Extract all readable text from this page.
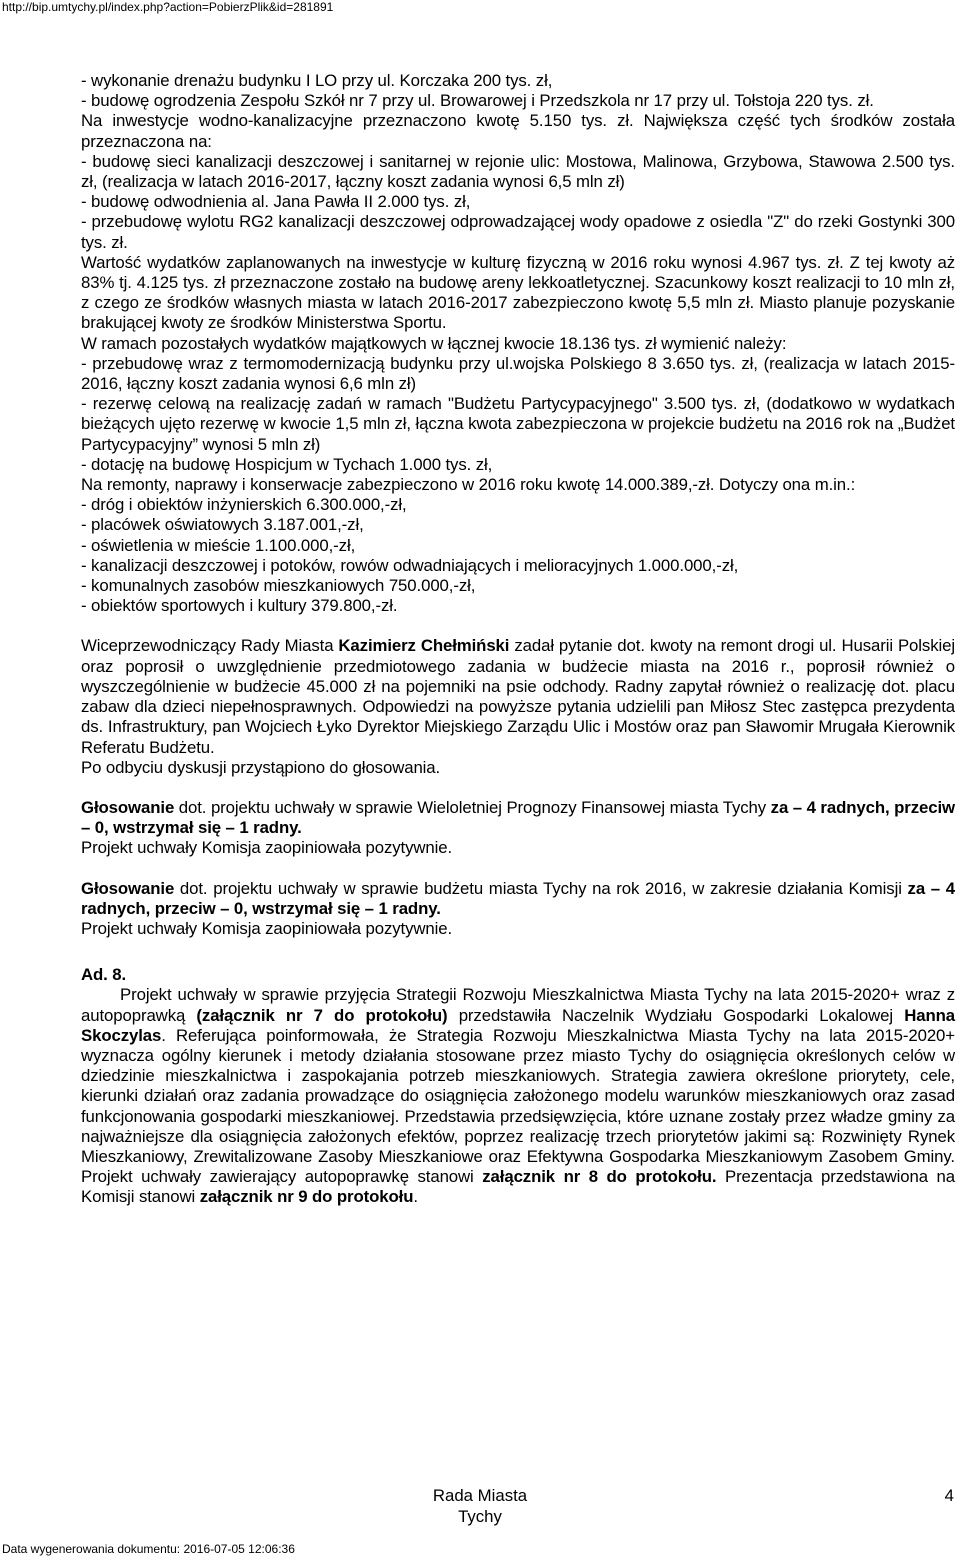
http://bip.umtychy.pl/index.php?action=PobierzPlik&id=281891

- wykonanie drenażu budynku I LO przy ul. Korczaka 200 tys. zł,

- budowę ogrodzenia Zespołu Szkół nr 7 przy ul. Browarowej i Przedszkola nr 17 przy ul. Tołstoja 220 tys. zł.

Na inwestycje wodno-kanalizacyjne przeznaczono kwotę 5.150 tys. zł. Największa część tych środków została przeznaczona na:

- budowę sieci kanalizacji deszczowej i sanitarnej w rejonie ulic: Mostowa, Malinowa, Grzybowa, Stawowa 2.500 tys. zł, (realizacja w latach 2016-2017, łączny koszt zadania wynosi 6,5 mln zł)

- budowę odwodnienia al. Jana Pawła II 2.000 tys. zł,

- przebudowę wylotu RG2 kanalizacji deszczowej odprowadzającej wody opadowe z osiedla "Z" do rzeki Gostynki 300 tys. zł.

Wartość wydatków zaplanowanych na inwestycje w kulturę fizyczną w 2016 roku wynosi 4.967 tys. zł. Z tej kwoty aż 83% tj. 4.125 tys. zł przeznaczone zostało na budowę areny lekkoatletycznej. Szacunkowy koszt realizacji to 10 mln zł, z czego ze środków własnych miasta w latach 2016-2017 zabezpieczono kwotę 5,5 mln zł. Miasto planuje pozyskanie brakującej kwoty ze środków Ministerstwa Sportu.

W ramach pozostałych wydatków majątkowych w łącznej kwocie 18.136 tys. zł wymienić należy:

- przebudowę wraz z termomodernizacją budynku przy ul.wojska Polskiego 8 3.650 tys. zł, (realizacja w latach 2015-2016, łączny koszt zadania wynosi 6,6 mln zł)

- rezerwę celową na realizację zadań w ramach "Budżetu Partycypacyjnego" 3.500 tys. zł, (dodatkowo w wydatkach bieżących ujęto rezerwę w kwocie 1,5 mln zł, łączna kwota zabezpieczona w projekcie budżetu na 2016 rok na „Budżet Partycypacyjny” wynosi 5 mln zł)

- dotację na budowę Hospicjum w Tychach 1.000 tys. zł,

Na remonty, naprawy i konserwacje zabezpieczono w 2016 roku kwotę 14.000.389,-zł. Dotyczy ona m.in.:

- dróg i obiektów inżynierskich 6.300.000,-zł,

- placówek oświatowych 3.187.001,-zł,

- oświetlenia w mieście 1.100.000,-zł,

- kanalizacji deszczowej i potoków, rowów odwadniających i melioracyjnych 1.000.000,-zł,

- komunalnych zasobów mieszkaniowych 750.000,-zł,

- obiektów sportowych i kultury 379.800,-zł.

Wiceprzewodniczący Rady Miasta Kazimierz Chełmiński zadał pytanie dot. kwoty na remont drogi ul. Husarii Polskiej oraz poprosił o uwzględnienie przedmiotowego zadania w budżecie miasta na 2016 r., poprosił również o wyszczególnienie w budżecie 45.000 zł na pojemniki na psie odchody. Radny zapytał również o realizację dot. placu zabaw dla dzieci niepełnosprawnych. Odpowiedzi na powyższe pytania udzielili pan Miłosz Stec zastępca prezydenta ds. Infrastruktury, pan Wojciech Łyko Dyrektor Miejskiego Zarządu Ulic i Mostów oraz pan Sławomir Mrugała Kierownik Referatu Budżetu.

Po odbyciu dyskusji przystąpiono do głosowania.

Głosowanie dot. projektu uchwały w sprawie Wieloletniej Prognozy Finansowej miasta Tychy za – 4 radnych, przeciw – 0, wstrzymał się – 1 radny.

Projekt uchwały Komisja zaopiniowała pozytywnie.

Głosowanie dot. projektu uchwały w sprawie budżetu miasta Tychy na rok 2016, w zakresie działania Komisji za – 4 radnych, przeciw – 0, wstrzymał się – 1 radny.

Projekt uchwały Komisja zaopiniowała pozytywnie.

Ad. 8.

Projekt uchwały w sprawie przyjęcia Strategii Rozwoju Mieszkalnictwa Miasta Tychy na lata 2015-2020+ wraz z autopoprawką (załącznik nr 7 do protokołu) przedstawiła Naczelnik Wydziału Gospodarki Lokalowej Hanna Skoczylas. Referująca poinformowała, że Strategia Rozwoju Mieszkalnictwa Miasta Tychy na lata 2015-2020+ wyznacza ogólny kierunek i metody działania stosowane przez miasto Tychy do osiągnięcia określonych celów w dziedzinie mieszkalnictwa i zaspokajania potrzeb mieszkaniowych. Strategia zawiera określone priorytety, cele, kierunki działań oraz zadania prowadzące do osiągnięcia założonego modelu warunków mieszkaniowych oraz zasad funkcjonowania gospodarki mieszkaniowej. Przedstawia przedsięwzięcia, które uznane zostały przez władze gminy za najważniejsze dla osiągnięcia założonych efektów, poprzez realizację trzech priorytetów jakimi są: Rozwinięty Rynek Mieszkaniowy, Zrewitalizowane Zasoby Mieszkaniowe oraz Efektywna Gospodarka Mieszkaniowym Zasobem Gminy. Projekt uchwały zawierający autopoprawkę stanowi załącznik nr 8 do protokołu. Prezentacja przedstawiona na Komisji stanowi załącznik nr 9 do protokołu.

Rada Miasta
Tychy
4
Data wygenerowania dokumentu: 2016-07-05 12:06:36
